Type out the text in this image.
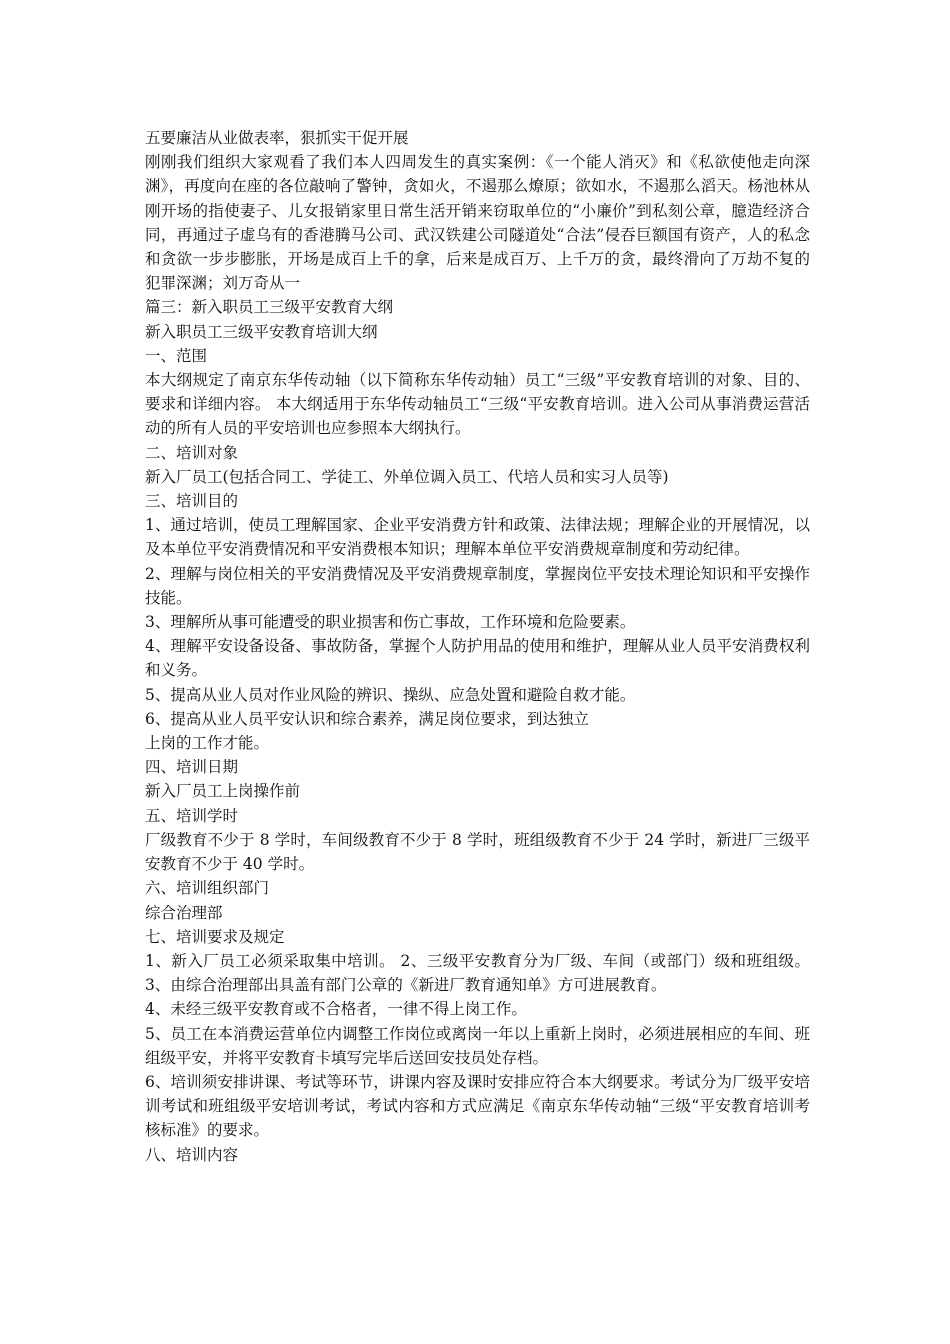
五要廉洁从业做表率，狠抓实干促开展

刚刚我们组织大家观看了我们本人四周发生的真实案例：《一个能人消灭》和《私欲使他走向深渊》，再度向在座的各位敲响了警钟，贪如火，不遏那么燎原；欲如水，不遏那么滔天。杨池林从刚开场的指使妻子、儿女报销家里日常生活开销来窃取单位的“小廉价”到私刻公章，臆造经济合同，再通过子虚乌有的香港腾马公司、武汉铁建公司隧道处“合法”侵吞巨额国有资产，人的私念和贪欲一步步膨胀，开场是成百上千的拿，后来是成百万、上千万的贪，最终滑向了万劫不复的犯罪深渊；刘万奇从一

篇三：新入职员工三级平安教育大纲

新入职员工三级平安教育培训大纲

一、范围

本大纲规定了南京东华传动轴（以下简称东华传动轴）员工“三级”平安教育培训的对象、目的、要求和详细内容。 本大纲适用于东华传动轴员工“三级“平安教育培训。进入公司从事消费运营活动的所有人员的平安培训也应参照本大纲执行。

二、培训对象

新入厂员工(包括合同工、学徒工、外单位调入员工、代培人员和实习人员等)

三、培训目的

1、通过培训，使员工理解国家、企业平安消费方针和政策、法律法规；理解企业的开展情况，以及本单位平安消费情况和平安消费根本知识；理解本单位平安消费规章制度和劳动纪律。

2、理解与岗位相关的平安消费情况及平安消费规章制度，掌握岗位平安技术理论知识和平安操作技能。

3、理解所从事可能遭受的职业损害和伤亡事故，工作环境和危险要素。

4、理解平安设备设备、事故防备，掌握个人防护用品的使用和维护，理解从业人员平安消费权利和义务。

5、提高从业人员对作业风险的辨识、操纵、应急处置和避险自救才能。

6、提高从业人员平安认识和综合素养，满足岗位要求，到达独立

上岗的工作才能。

四、培训日期

新入厂员工上岗操作前

五、培训学时

厂级教育不少于 8 学时，车间级教育不少于 8 学时，班组级教育不少于 24 学时，新进厂三级平安教育不少于 40 学时。

六、培训组织部门

综合治理部

七、培训要求及规定

1、新入厂员工必须采取集中培训。 2、三级平安教育分为厂级、车间（或部门）级和班组级。 3、由综合治理部出具盖有部门公章的《新进厂教育通知单》方可进展教育。

4、未经三级平安教育或不合格者，一律不得上岗工作。

5、员工在本消费运营单位内调整工作岗位或离岗一年以上重新上岗时，必须进展相应的车间、班组级平安，并将平安教育卡填写完毕后送回安技员处存档。

6、培训须安排讲课、考试等环节，讲课内容及课时安排应符合本大纲要求。考试分为厂级平安培训考试和班组级平安培训考试，考试内容和方式应满足《南京东华传动轴“三级“平安教育培训考核标准》的要求。

八、培训内容
